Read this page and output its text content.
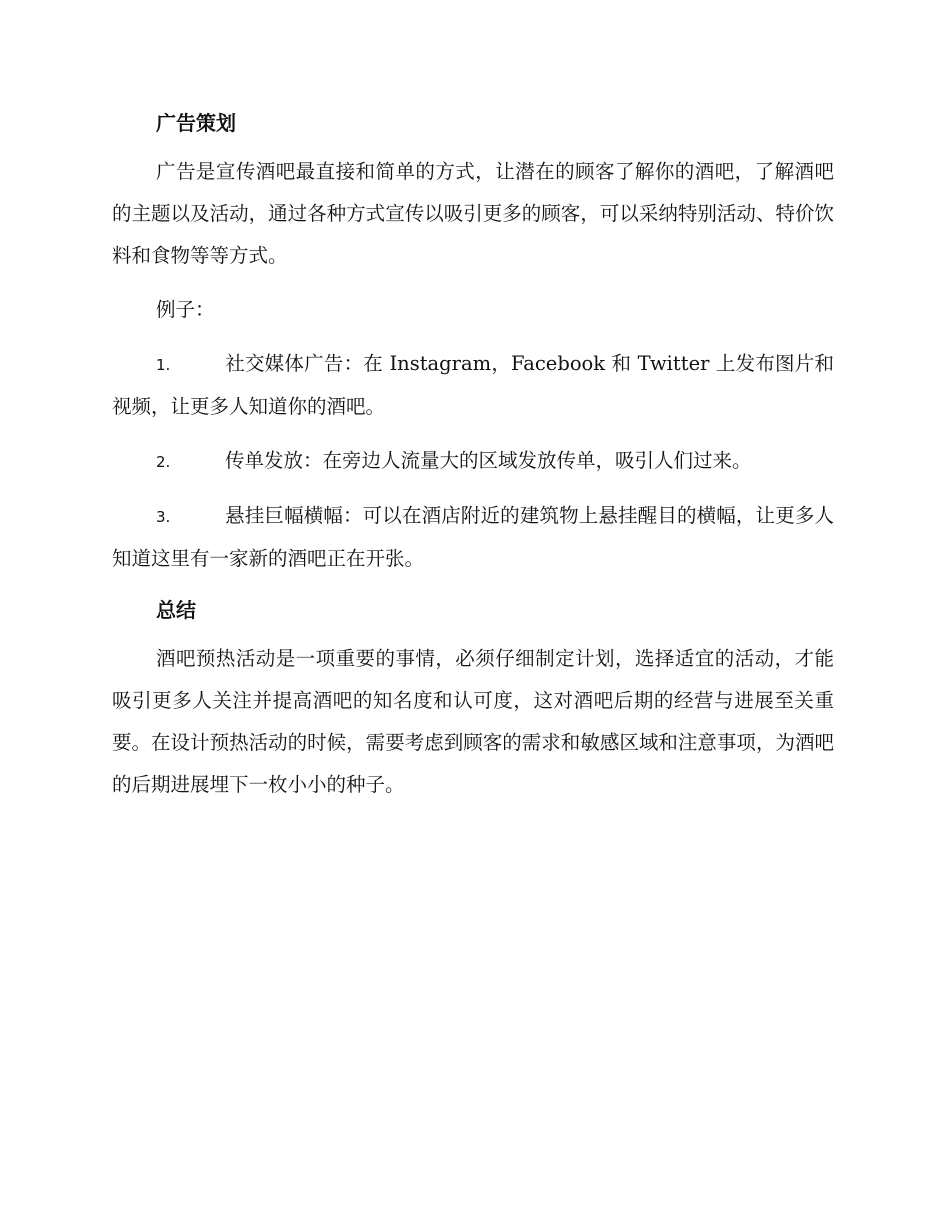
广告策划

广告是宣传酒吧最直接和简单的方式，让潜在的顾客了解你的酒吧，了解酒吧的主题以及活动，通过各种方式宣传以吸引更多的顾客，可以采纳特别活动、特价饮料和食物等等方式。

例子：

1.	社交媒体广告：在 Instagram，Facebook 和 Twitter 上发布图片和视频，让更多人知道你的酒吧。

2.	传单发放：在旁边人流量大的区域发放传单，吸引人们过来。

3.	悬挂巨幅横幅：可以在酒店附近的建筑物上悬挂醒目的横幅，让更多人知道这里有一家新的酒吧正在开张。

总结

酒吧预热活动是一项重要的事情，必须仔细制定计划，选择适宜的活动，才能吸引更多人关注并提高酒吧的知名度和认可度，这对酒吧后期的经营与进展至关重要。在设计预热活动的时候，需要考虑到顾客的需求和敏感区域和注意事项，为酒吧的后期进展埋下一枚小小的种子。
